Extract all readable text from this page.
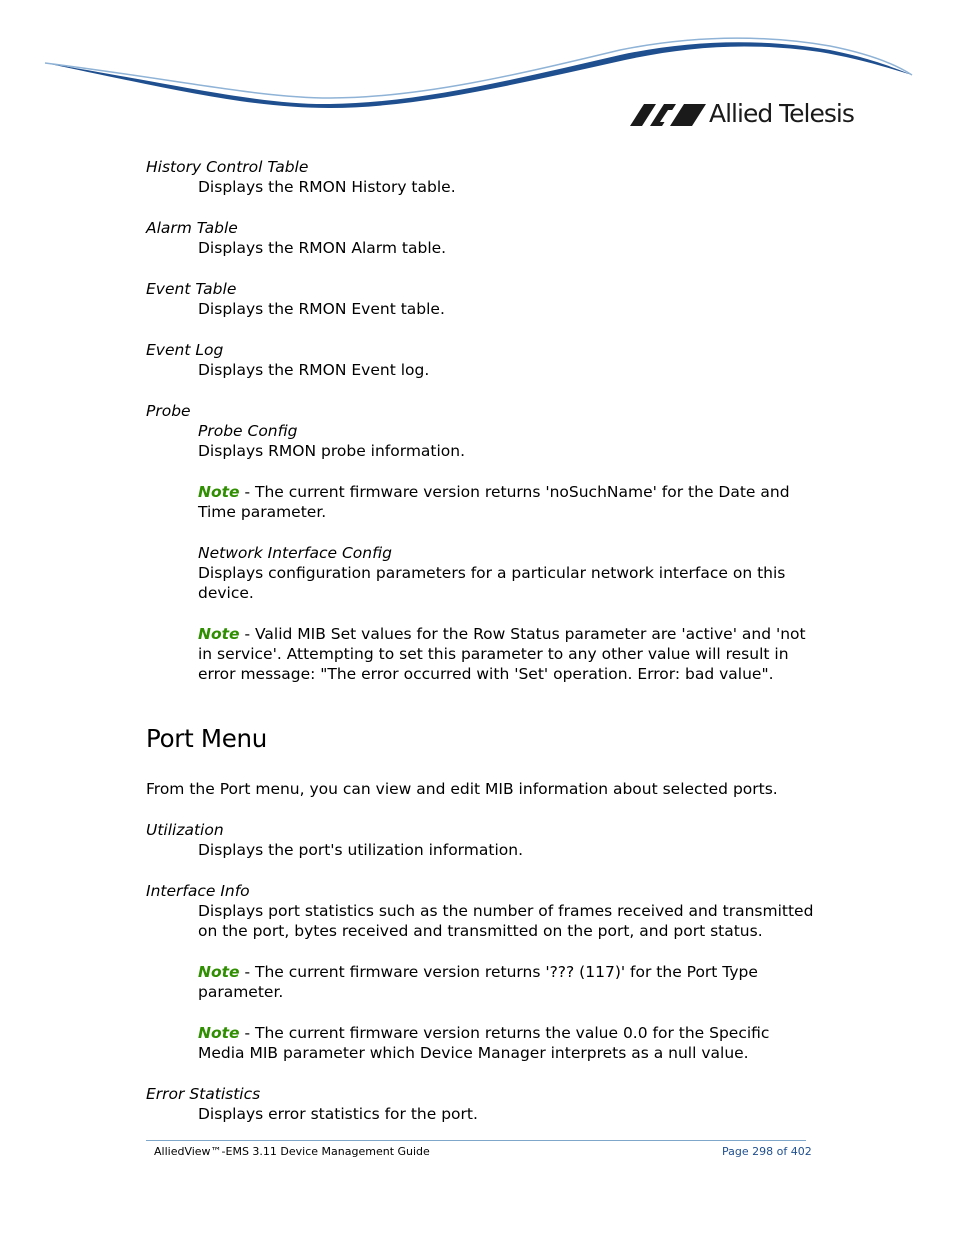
Allied Telesis

History Control Table

Displays the RMON History table.

Alarm Table

Displays the RMON Alarm table.

Event Table

Displays the RMON Event table.

Event Log

Displays the RMON Event log.

Probe

Probe Config

Displays RMON probe information.

Note - The current firmware version returns 'noSuchName' for the Date and Time parameter.

Network Interface Config

Displays configuration parameters for a particular network interface on this device.

Note - Valid MIB Set values for the Row Status parameter are 'active' and 'not in service'. Attempting to set this parameter to any other value will result in error message: "The error occurred with 'Set' operation. Error: bad value".

Port Menu

From the Port menu, you can view and edit MIB information about selected ports.

Utilization

Displays the port's utilization information.

Interface Info

Displays port statistics such as the number of frames received and transmitted on the port, bytes received and transmitted on the port, and port status.

Note - The current firmware version returns '??? (117)' for the Port Type parameter.

Note - The current firmware version returns the value 0.0 for the Specific Media MIB parameter which Device Manager interprets as a null value.

Error Statistics

Displays error statistics for the port.

AlliedView™-EMS 3.11 Device Management Guide	Page 298 of 402
